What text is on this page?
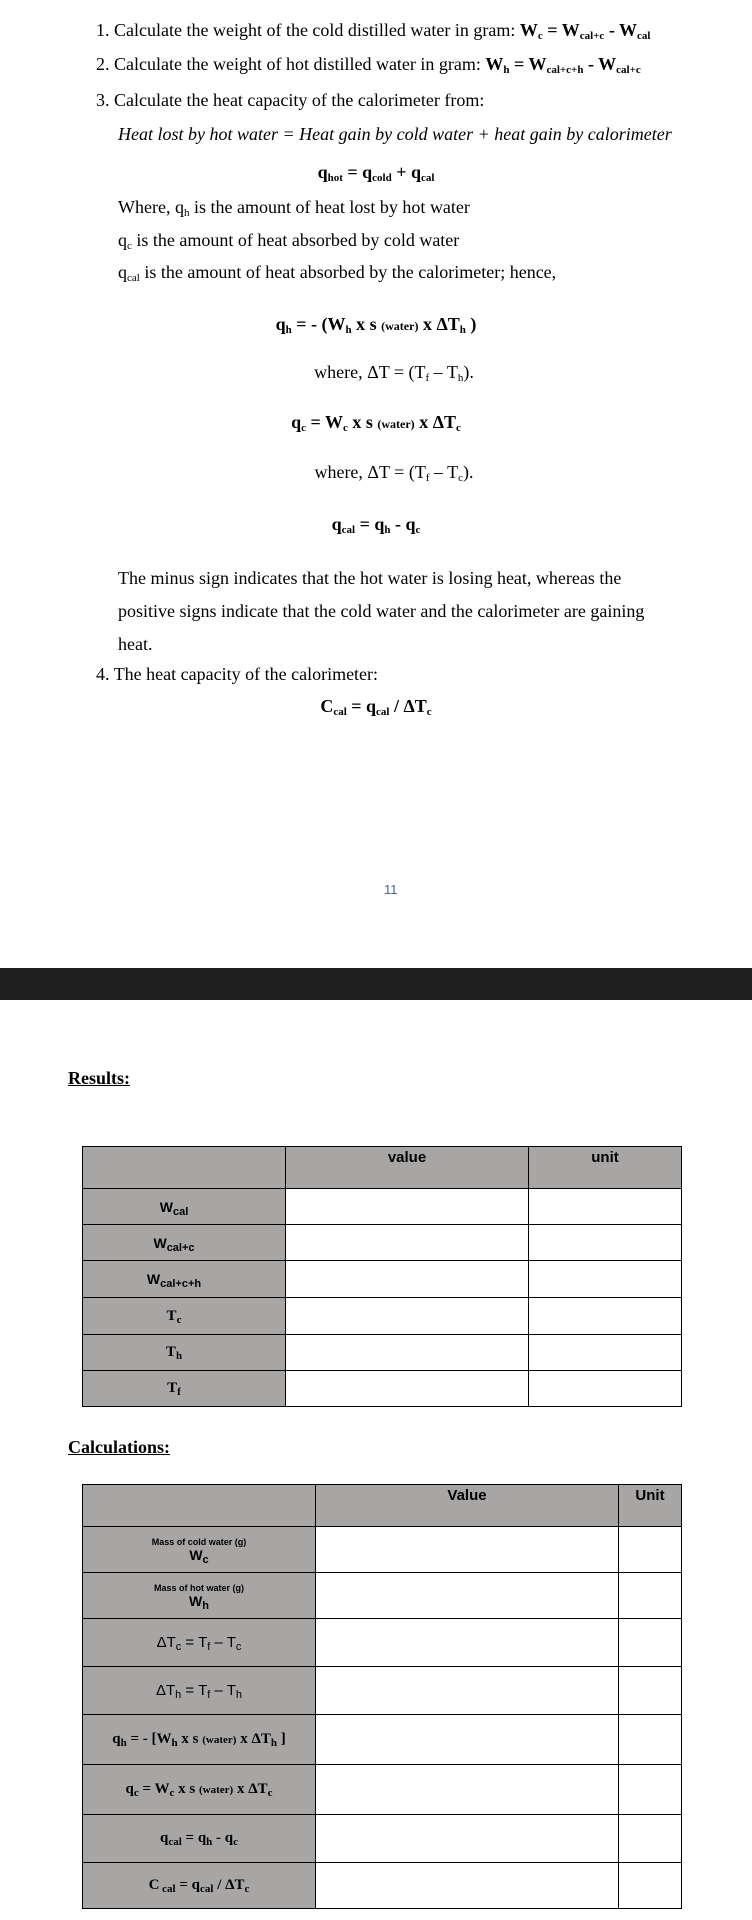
1. Calculate the weight of the cold distilled water in gram: $W_c = W_{cal+c} - W_{cal}$
2. Calculate the weight of hot distilled water in gram: $W_h = W_{cal+c+h} - W_{cal+c}$
3. Calculate the heat capacity of the calorimeter from:
Heat lost by hot water = Heat gain by cold water + heat gain by calorimeter
$q_{hot} = q_{cold} + q_{cal}$
Where, $q_h$ is the amount of heat lost by hot water
$q_c$ is the amount of heat absorbed by cold water
$q_{cal}$ is the amount of heat absorbed by the calorimeter; hence,
$q_h$ = - ($W_h$ x s (water) x $\Delta T_h$ )
where, $\Delta T = (T_f - T_h)$.
$q_c = W_c$ x s (water) x $\Delta T_c$
where, $\Delta T = (T_f - T_c)$.
$q_{cal} = q_h - q_c$
The minus sign indicates that the hot water is losing heat, whereas the
positive signs indicate that the cold water and the calorimeter are gaining
heat.
4. The heat capacity of the calorimeter:
$C_{cal} = q_{cal} / \Delta T_c$
11
Results:
	value	unit
$W_{cal}$		
$W_{cal+c}$		
$W_{cal+c+h}$		
$T_c$		
$T_h$		
$T_f$		
Calculations:
	Value	Unit

Mass of cold water (g)
$W_c$		

Mass of hot water (g)
$W_h$		
$\Delta T_c = T_f - T_c$		
$\Delta T_h = T_f - T_h$		
$q_h$ = - [$W_h$ x s (water) x $\Delta T_h$ ]		
$q_c = W_c$ x s (water) x $\Delta T_c$		
$q_{cal} = q_h - q_c$		
C $_{cal} = q_{cal} / \Delta T_c$		
